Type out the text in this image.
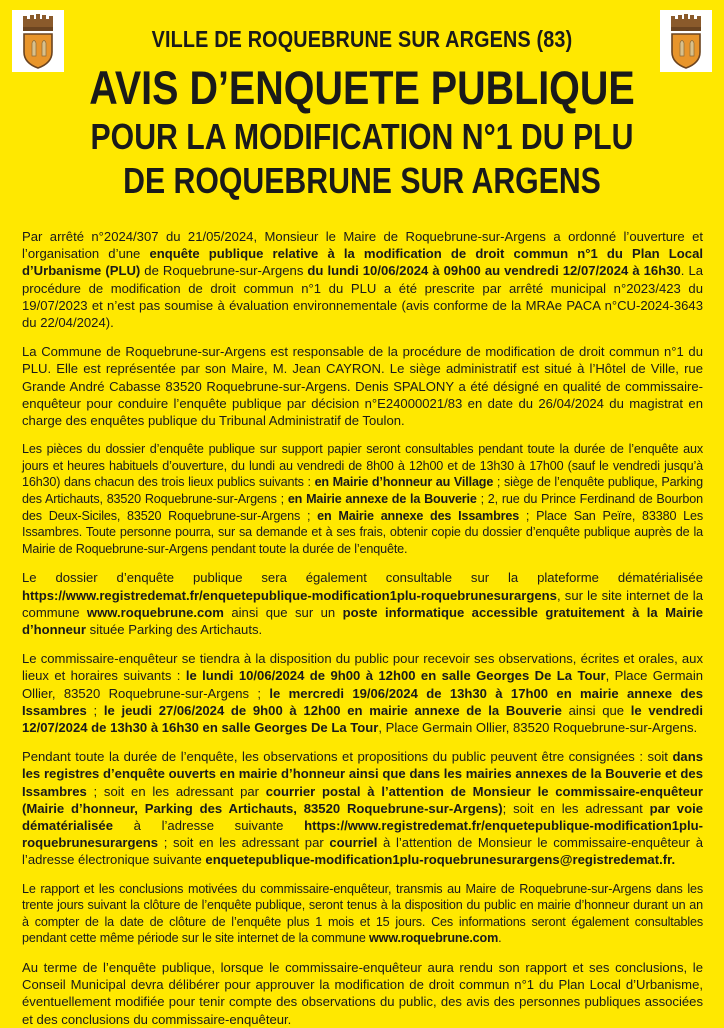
VILLE DE ROQUEBRUNE SUR ARGENS (83)
AVIS D’ENQUETE PUBLIQUE
POUR LA MODIFICATION N°1 DU PLU
DE ROQUEBRUNE SUR ARGENS

Par arrêté n°2024/307 du 21/05/2024, Monsieur le Maire de Roquebrune-sur-Argens a ordonné l’ouverture et l’organisation d’une enquête publique relative à la modification de droit commun n°1 du Plan Local d’Urbanisme (PLU) de Roquebrune-sur-Argens du lundi 10/06/2024 à 09h00 au vendredi 12/07/2024 à 16h30. La procédure de modification de droit commun n°1 du PLU a été prescrite par arrêté municipal n°2023/423 du 19/07/2023 et n’est pas soumise à évaluation environnementale (avis conforme de la MRAe PACA n°CU-2024-3643 du 22/04/2024).

La Commune de Roquebrune-sur-Argens est responsable de la procédure de modification de droit commun n°1 du PLU. Elle est représentée par son Maire, M. Jean CAYRON. Le siège administratif est situé à l’Hôtel de Ville, rue Grande André Cabasse 83520 Roquebrune-sur-Argens. Denis SPALONY a été désigné en qualité de commissaire-enquêteur pour conduire l’enquête publique par décision n°E24000021/83 en date du 26/04/2024 du magistrat en charge des enquêtes publique du Tribunal Administratif de Toulon.

Les pièces du dossier d’enquête publique sur support papier seront consultables pendant toute la durée de l’enquête aux jours et heures habituels d’ouverture, du lundi au vendredi de 8h00 à 12h00 et de 13h30 à 17h00 (sauf le vendredi jusqu’à 16h30) dans chacun des trois lieux publics suivants : en Mairie d’honneur au Village ; siège de l’enquête publique, Parking des Artichauts, 83520 Roquebrune-sur-Argens ; en Mairie annexe de la Bouverie ; 2, rue du Prince Ferdinand de Bourbon des Deux-Siciles, 83520 Roquebrune-sur-Argens ; en Mairie annexe des Issambres ; Place San Peïre, 83380 Les Issambres. Toute personne pourra, sur sa demande et à ses frais, obtenir copie du dossier d’enquête publique auprès de la Mairie de Roquebrune-sur-Argens pendant toute la durée de l’enquête.

Le dossier d’enquête publique sera également consultable sur la plateforme dématérialisée https://www.registredemat.fr/enquetepublique-modification1plu-roquebrunesurargens, sur le site internet de la commune www.roquebrune.com ainsi que sur un poste informatique accessible gratuitement à la Mairie d’honneur située Parking des Artichauts.

Le commissaire-enquêteur se tiendra à la disposition du public pour recevoir ses observations, écrites et orales, aux lieux et horaires suivants : le lundi 10/06/2024 de 9h00 à 12h00 en salle Georges De La Tour, Place Germain Ollier, 83520 Roquebrune-sur-Argens ; le mercredi 19/06/2024 de 13h30 à 17h00 en mairie annexe des Issambres ; le jeudi 27/06/2024 de 9h00 à 12h00 en mairie annexe de la Bouverie ainsi que le vendredi 12/07/2024 de 13h30 à 16h30 en salle Georges De La Tour, Place Germain Ollier, 83520 Roquebrune-sur-Argens.

Pendant toute la durée de l’enquête, les observations et propositions du public peuvent être consignées : soit dans les registres d’enquête ouverts en mairie d’honneur ainsi que dans les mairies annexes de la Bouverie et des Issambres ; soit en les adressant par courrier postal à l’attention de Monsieur le commissaire-enquêteur (Mairie d’honneur, Parking des Artichauts, 83520 Roquebrune-sur-Argens); soit en les adressant par voie dématérialisée à l’adresse suivante https://www.registredemat.fr/enquetepublique-modification1plu-roquebrunesurargens ; soit en les adressant par courriel à l’attention de Monsieur le commissaire-enquêteur à l’adresse électronique suivante enquetepublique-modification1plu-roquebrunesurargens@registredemat.fr.

Le rapport et les conclusions motivées du commissaire-enquêteur, transmis au Maire de Roquebrune-sur-Argens dans les trente jours suivant la clôture de l’enquête publique, seront tenus à la disposition du public en mairie d’honneur durant un an à compter de la date de clôture de l’enquête plus 1 mois et 15 jours. Ces informations seront également consultables pendant cette même période sur le site internet de la commune www.roquebrune.com.

Au terme de l’enquête publique, lorsque le commissaire-enquêteur aura rendu son rapport et ses conclusions, le Conseil Municipal devra délibérer pour approuver la modification de droit commun n°1 du Plan Local d’Urbanisme, éventuellement modifiée pour tenir compte des observations du public, des avis des personnes publiques associées et des conclusions du commissaire-enquêteur.
